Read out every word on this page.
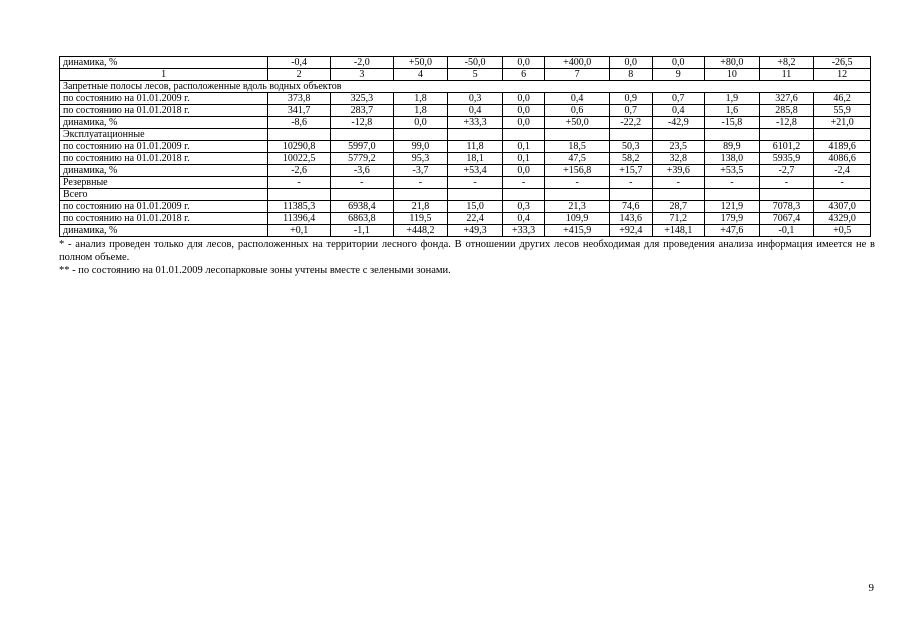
динамика, %	-0,4	-2,0	+50,0	-50,0	0,0	+400,0	0,0	0,0	+80,0	+8,2	-26,5
1	2	3	4	5	6	7	8	9	10	11	12
Запретные полосы лесов, расположенные вдоль водных объектов											
по состоянию на 01.01.2009 г.	373,8	325,3	1,8	0,3	0,0	0,4	0,9	0,7	1,9	327,6	46,2
по состоянию на 01.01.2018 г.	341,7	283,7	1,8	0,4	0,0	0,6	0,7	0,4	1,6	285,8	55,9
динамика, %	-8,6	-12,8	0,0	+33,3	0,0	+50,0	-22,2	-42,9	-15,8	-12,8	+21,0
Эксплуатационные											
по состоянию на 01.01.2009 г.	10290,8	5997,0	99,0	11,8	0,1	18,5	50,3	23,5	89,9	6101,2	4189,6
по состоянию на 01.01.2018 г.	10022,5	5779,2	95,3	18,1	0,1	47,5	58,2	32,8	138,0	5935,9	4086,6
динамика, %	-2,6	-3,6	-3,7	+53,4	0,0	+156,8	+15,7	+39,6	+53,5	-2,7	-2,4
Резервные	-	-	-	-	-	-	-	-	-	-	-
Всего											
по состоянию на 01.01.2009 г.	11385,3	6938,4	21,8	15,0	0,3	21,3	74,6	28,7	121,9	7078,3	4307,0
по состоянию на 01.01.2018 г.	11396,4	6863,8	119,5	22,4	0,4	109,9	143,6	71,2	179,9	7067,4	4329,0
динамика, %	+0,1	-1,1	+448,2	+49,3	+33,3	+415,9	+92,4	+148,1	+47,6	-0,1	+0,5

* - анализ проведен только для лесов, расположенных на территории лесного фонда. В отношении других лесов необходимая для проведения анализа информация имеется не в полном объеме.

** - по состоянию на 01.01.2009 лесопарковые зоны учтены вместе с зелеными зонами.

9
